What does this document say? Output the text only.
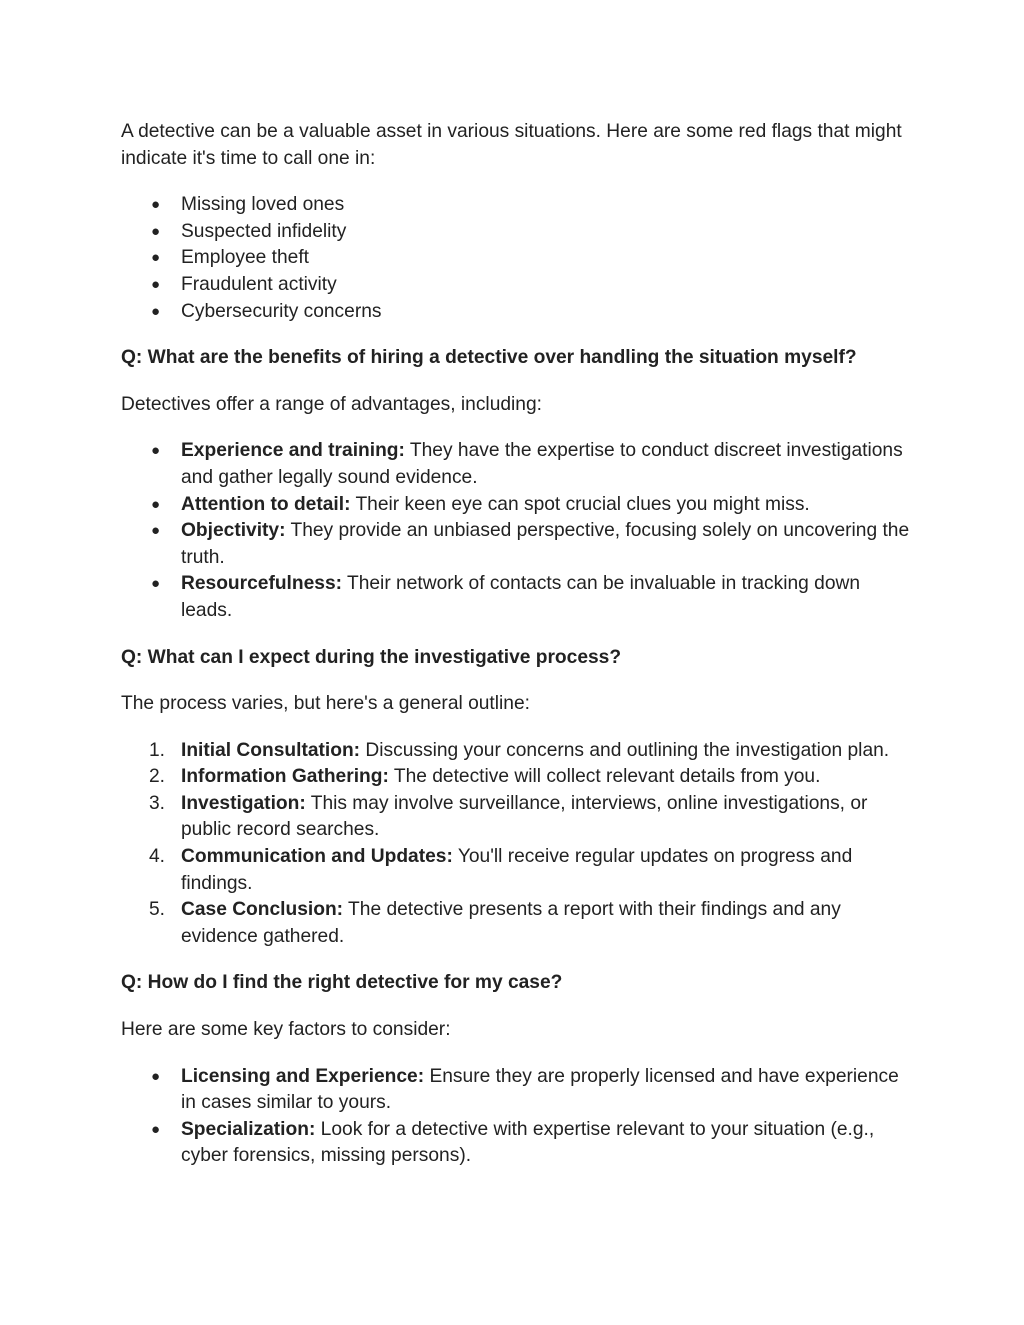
A detective can be a valuable asset in various situations. Here are some red flags that might indicate it's time to call one in:

●	Missing loved ones
●	Suspected infidelity
●	Employee theft
●	Fraudulent activity
●	Cybersecurity concerns

Q: What are the benefits of hiring a detective over handling the situation myself?

Detectives offer a range of advantages, including:

●	Experience and training: They have the expertise to conduct discreet investigations and gather legally sound evidence.
●	Attention to detail: Their keen eye can spot crucial clues you might miss.
●	Objectivity: They provide an unbiased perspective, focusing solely on uncovering the truth.
●	Resourcefulness: Their network of contacts can be invaluable in tracking down leads.

Q: What can I expect during the investigative process?

The process varies, but here's a general outline:

1. Initial Consultation: Discussing your concerns and outlining the investigation plan.
2. Information Gathering: The detective will collect relevant details from you.
3. Investigation: This may involve surveillance, interviews, online investigations, or public record searches.
4. Communication and Updates: You'll receive regular updates on progress and findings.
5. Case Conclusion: The detective presents a report with their findings and any evidence gathered.

Q: How do I find the right detective for my case?

Here are some key factors to consider:

●	Licensing and Experience: Ensure they are properly licensed and have experience in cases similar to yours.
●	Specialization: Look for a detective with expertise relevant to your situation (e.g., cyber forensics, missing persons).
